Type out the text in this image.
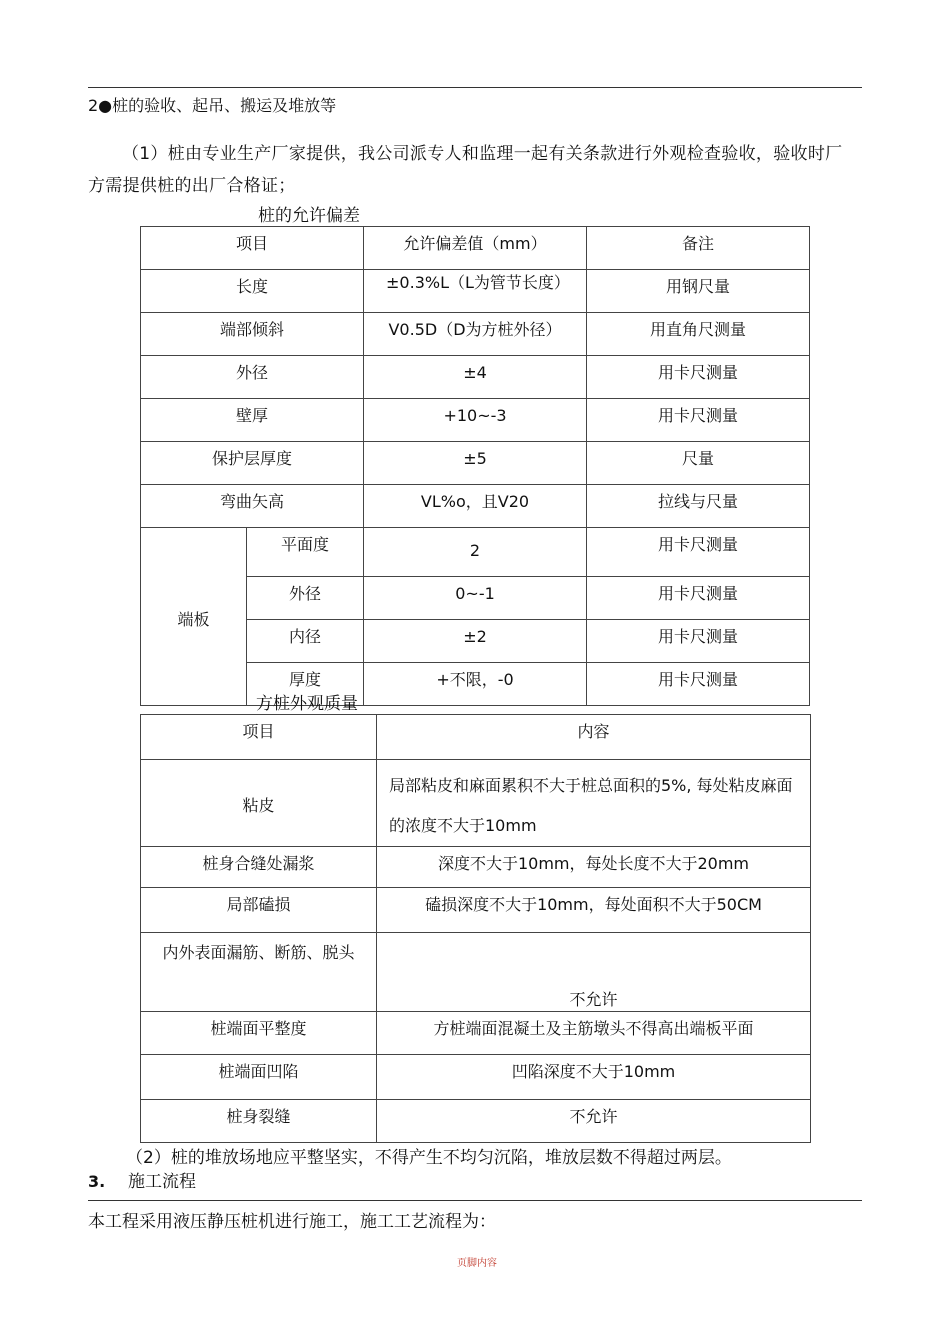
2●桩的验收、起吊、搬运及堆放等
（1）桩由专业生产厂家提供，我公司派专人和监理一起有关条款进行外观检查验收，验收时厂方需提供桩的出厂合格证；
桩的允许偏差
项目		允许偏差值（mm）	备注
长度		±0.3%L（L为管节长度）	用钢尺量
端部倾斜		V0.5D（D为方桩外径）	用直角尺测量
外径		±4	用卡尺测量
壁厚		+10~-3	用卡尺测量
保护层厚度		±5	尺量
弯曲矢高		VL%o，且V20	拉线与尺量
端板	平面度	2	用卡尺测量
	外径	0~-1	用卡尺测量
	内径	±2	用卡尺测量
	厚度	+不限，-0	用卡尺测量
方桩外观质量
项目	内容
粘皮	局部粘皮和麻面累积不大于桩总面积的5%, 每处粘皮麻面的浓度不大于10mm
桩身合缝处漏浆	深度不大于10mm，每处长度不大于20mm
局部磕损	磕损深度不大于10mm，每处面积不大于50CM
内外表面漏筋、断筋、脱头	不允许
桩端面平整度	方桩端面混凝土及主筋墩头不得高出端板平面
桩端面凹陷	凹陷深度不大于10mm
桩身裂缝	不允许
（2）桩的堆放场地应平整坚实，不得产生不均匀沉陷，堆放层数不得超过两层。
3. 施工流程
本工程采用液压静压桩机进行施工，施工工艺流程为：
页脚内容
